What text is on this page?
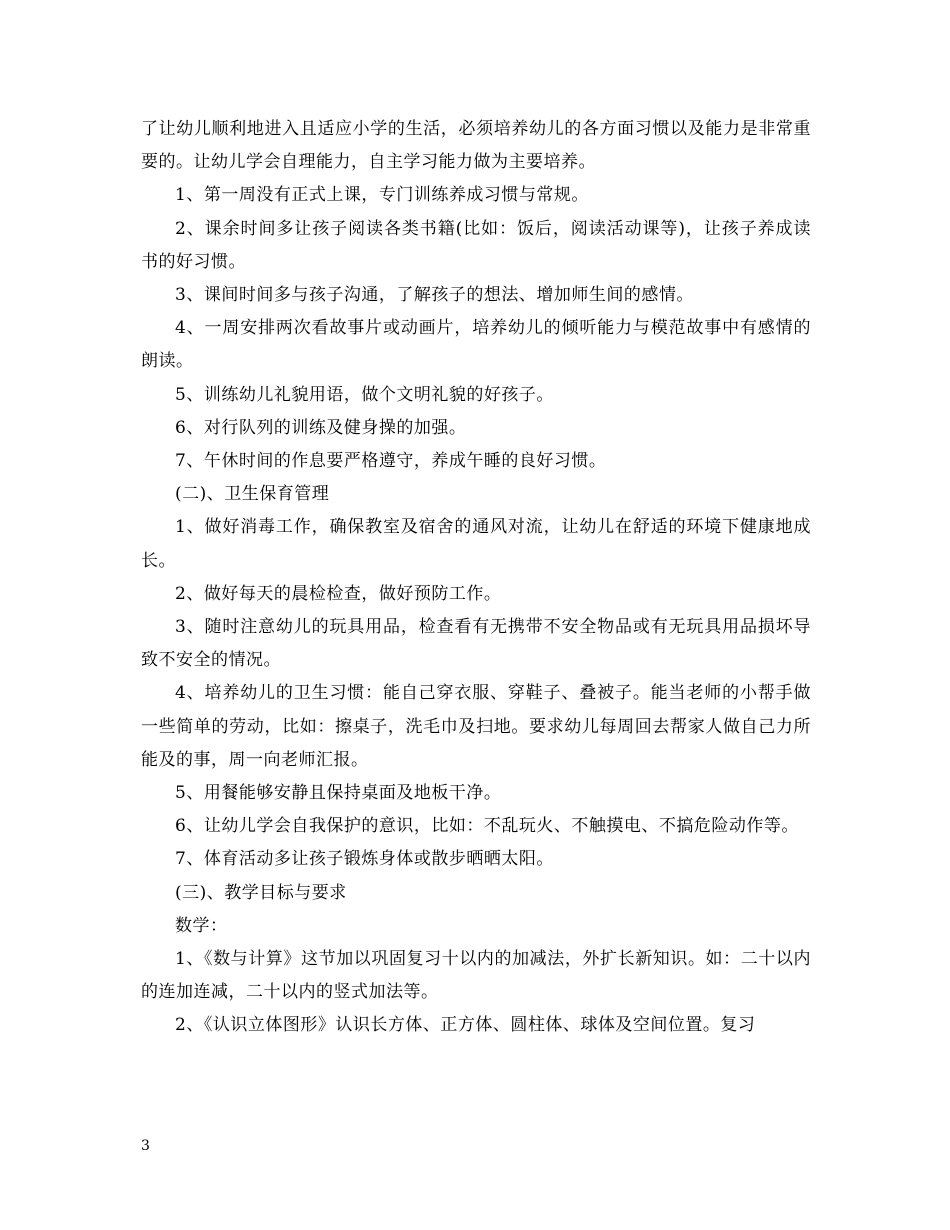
了让幼儿顺利地进入且适应小学的生活，必须培养幼儿的各方面习惯以及能力是非常重要的。让幼儿学会自理能力，自主学习能力做为主要培养。

1、第一周没有正式上课，专门训练养成习惯与常规。

2、课余时间多让孩子阅读各类书籍(比如：饭后，阅读活动课等)，让孩子养成读书的好习惯。

3、课间时间多与孩子沟通，了解孩子的想法、增加师生间的感情。

4、一周安排两次看故事片或动画片，培养幼儿的倾听能力与模范故事中有感情的朗读。

5、训练幼儿礼貌用语，做个文明礼貌的好孩子。

6、对行队列的训练及健身操的加强。

7、午休时间的作息要严格遵守，养成午睡的良好习惯。

(二)、卫生保育管理

1、做好消毒工作，确保教室及宿舍的通风对流，让幼儿在舒适的环境下健康地成长。

2、做好每天的晨检检查，做好预防工作。

3、随时注意幼儿的玩具用品，检查看有无携带不安全物品或有无玩具用品损坏导致不安全的情况。

4、培养幼儿的卫生习惯：能自己穿衣服、穿鞋子、叠被子。能当老师的小帮手做一些简单的劳动，比如：擦桌子，洗毛巾及扫地。要求幼儿每周回去帮家人做自己力所能及的事，周一向老师汇报。

5、用餐能够安静且保持桌面及地板干净。

6、让幼儿学会自我保护的意识，比如：不乱玩火、不触摸电、不搞危险动作等。

7、体育活动多让孩子锻炼身体或散步晒晒太阳。

(三)、教学目标与要求

数学：

1、《数与计算》这节加以巩固复习十以内的加减法，外扩长新知识。如：二十以内的连加连减，二十以内的竖式加法等。

2、《认识立体图形》认识长方体、正方体、圆柱体、球体及空间位置。复习

3
